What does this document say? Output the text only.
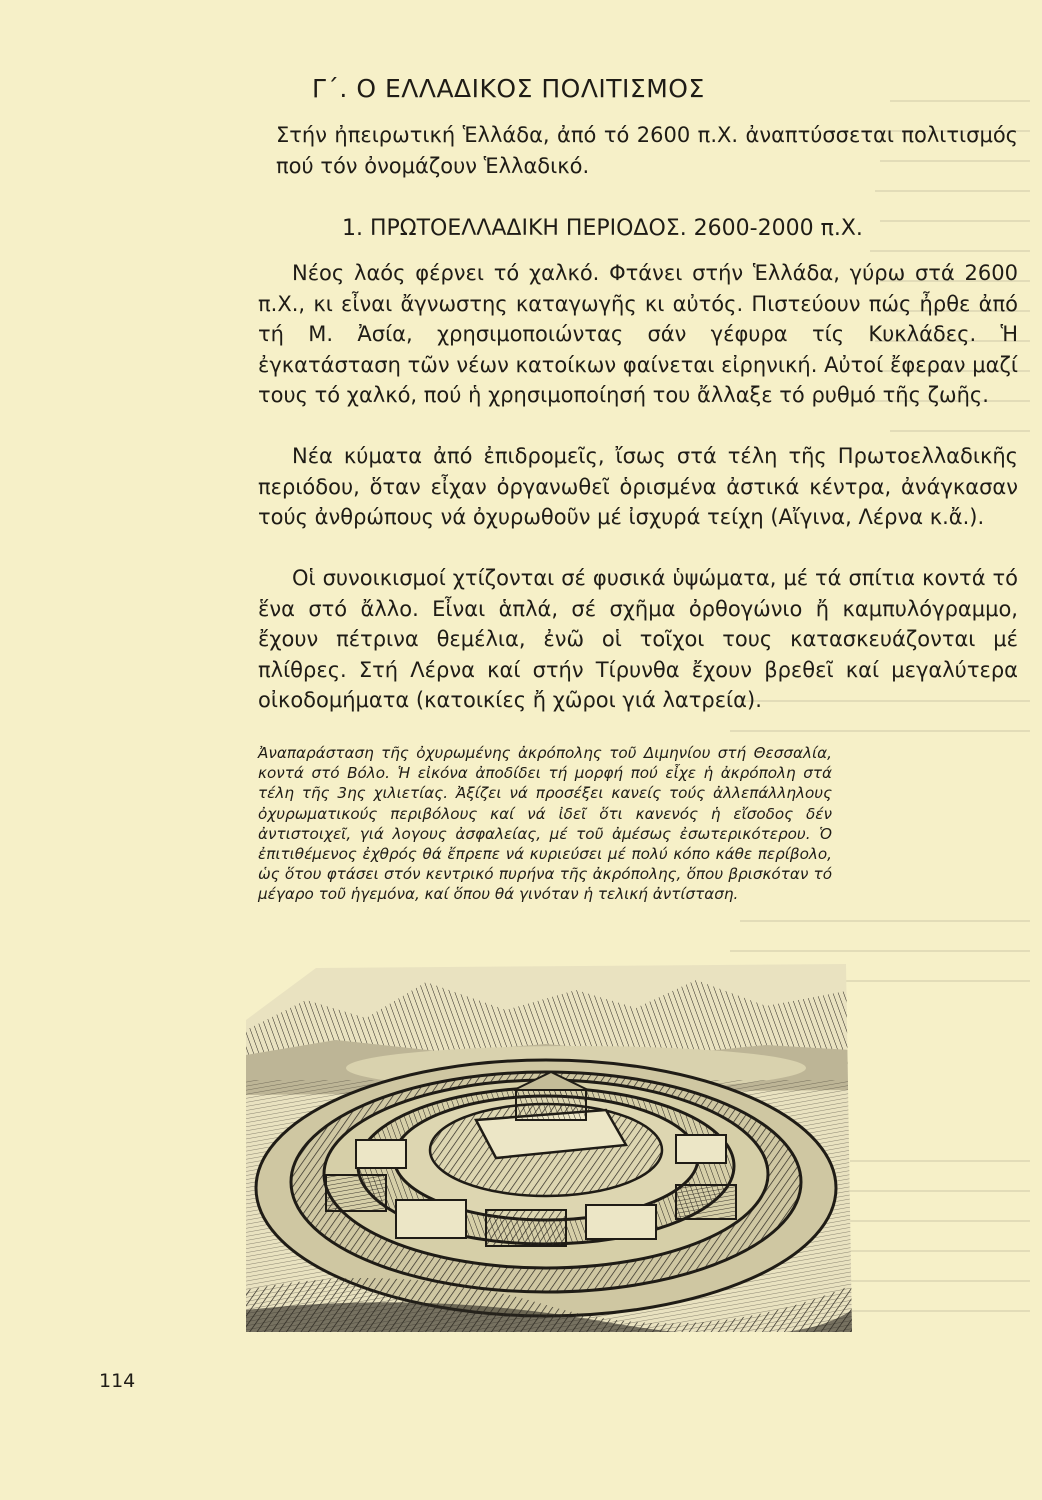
Γ΄. Ο ΕΛΛΑΔΙΚΟΣ ΠΟΛΙΤΙΣΜΟΣ

Στήν ἠπειρωτική Ἑλλάδα, ἀπό τό 2600 π.Χ. ἀναπτύσσεται πολιτισμός πού τόν ὀνομάζουν Ἑλλαδικό.

1. ΠΡΩΤΟΕΛΛΑΔΙΚΗ ΠΕΡΙΟΔΟΣ. 2600-2000 π.Χ.

Νέος λαός φέρνει τό χαλκό. Φτάνει στήν Ἑλλάδα, γύρω στά 2600 π.Χ., κι εἶναι ἄγνωστης καταγωγῆς κι αὐτός. Πιστεύουν πώς ἦρθε ἀπό τή Μ. Ἀσία, χρησιμοποιώντας σάν γέφυρα τίς Κυκλάδες. Ἡ ἐγκατάσταση τῶν νέων κατοίκων φαίνεται εἰρηνική. Αὐτοί ἔφεραν μαζί τους τό χαλκό, πού ἡ χρησιμοποίησή του ἄλλαξε τό ρυθμό τῆς ζωῆς.

Νέα κύματα ἀπό ἐπιδρομεῖς, ἴσως στά τέλη τῆς Πρωτοελλαδικῆς περιόδου, ὅταν εἶχαν ὀργανωθεῖ ὁρισμένα ἀστικά κέντρα, ἀνάγκασαν τούς ἀνθρώπους νά ὀχυρωθοῦν μέ ἰσχυρά τείχη (Αἴγινα, Λέρνα κ.ἄ.).

Οἱ συνοικισμοί χτίζονται σέ φυσικά ὑψώματα, μέ τά σπίτια κοντά τό ἕνα στό ἄλλο. Εἶναι ἁπλά, σέ σχῆμα ὀρθογώνιο ἤ καμπυλόγραμμο, ἔχουν πέτρινα θεμέλια, ἐνῶ οἱ τοῖχοι τους κατασκευάζονται μέ πλίθρες. Στή Λέρνα καί στήν Τίρυνθα ἔχουν βρεθεῖ καί μεγαλύτερα οἰκοδομήματα (κατοικίες ἤ χῶροι γιά λατρεία).

Ἀναπαράσταση τῆς ὀχυρωμένης ἀκρόπολης τοῦ Διμηνίου στή Θεσσαλία, κοντά στό Βόλο. Ἡ εἰκόνα ἀποδίδει τή μορφή πού εἶχε ἡ ἀκρόπολη στά τέλη τῆς 3ης χιλιετίας. Ἀξίζει νά προσέξει κανείς τούς ἀλλεπάλληλους ὀχυρωματικούς περιβόλους καί νά ἰδεῖ ὅτι κανενός ἡ εἴσοδος δέν ἀντιστοιχεῖ, γιά λογους ἀσφαλείας, μέ τοῦ ἀμέσως ἐσωτερικότερου. Ὁ ἐπιτιθέμενος ἐχθρός θά ἔπρεπε νά κυριεύσει μέ πολύ κόπο κάθε περίβολο, ὡς ὅτου φτάσει στόν κεντρικό πυρήνα τῆς ἀκρόπολης, ὅπου βρισκόταν τό μέγαρο τοῦ ἡγεμόνα, καί ὅπου θά γινόταν ἡ τελική ἀντίσταση.

114
